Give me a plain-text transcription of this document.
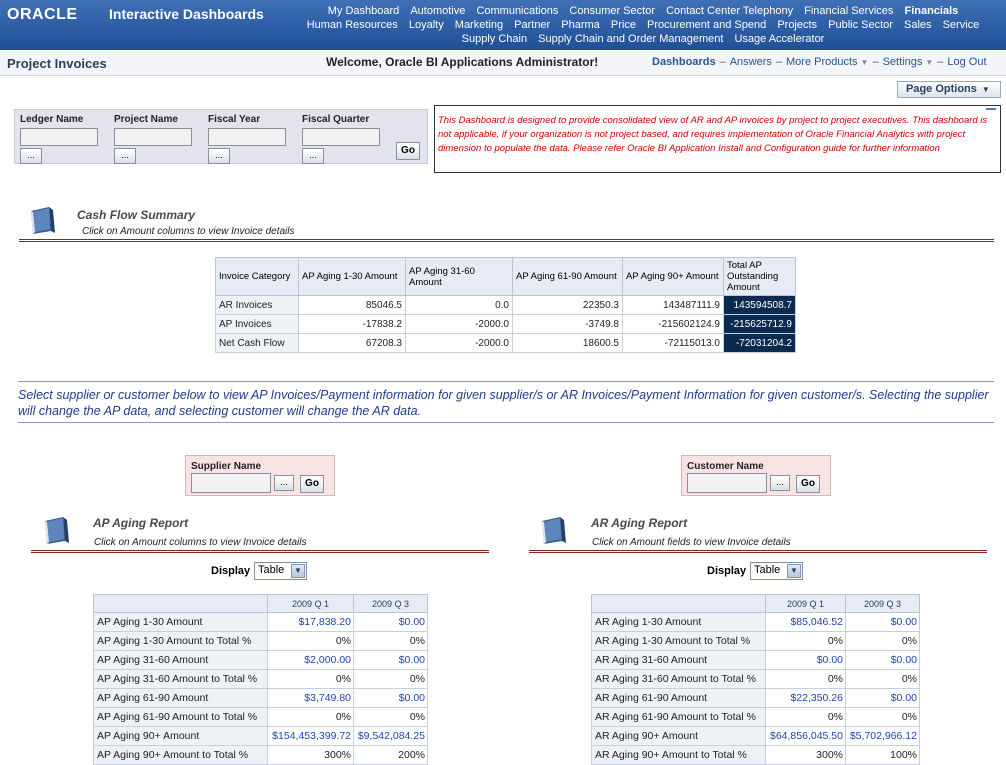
ORACLE Interactive Dashboards	My Dashboard Automotive Communications Consumer Sector Contact Center Telephony Financial Services Financials Human Resources Loyalty Marketing Partner Pharma Price Procurement and Spend Projects Public Sector Sales Service Supply Chain Supply Chain and Order Management Usage Accelerator
Project Invoices	Welcome, Oracle BI Applications Administrator!	Dashboards – Answers – More Products ▼ – Settings ▼ – Log Out
Page Options ▼
Ledger Name
...
Project Name
...
Fiscal Year
...
Fiscal Quarter
...	Go
This Dashboard is designed to provide consolidated view of AR and AP invoices by project to project executives. This dashboard is not applicable, if your organization is not project based, and requires implementation of Oracle Financial Analytics with project dimension to populate the data. Please refer Oracle BI Application Install and Configuration guide for further information
Cash Flow Summary
Click on Amount columns to view Invoice details
Invoice Category	AP Aging 1-30 Amount	AP Aging 31-60 Amount	AP Aging 61-90 Amount	AP Aging 90+ Amount	Total AP Outstanding Amount
AR Invoices	85046.5	0.0	22350.3	143487111.9	143594508.7
AP Invoices	-17838.2	-2000.0	-3749.8	-215602124.9	-215625712.9
Net Cash Flow	67208.3	-2000.0	18600.5	-72115013.0	-72031204.2
Select supplier or customer below to view AP Invoices/Payment information for given supplier/s or AR Invoices/Payment Information for given customer/s. Selecting the supplier will change the AP data, and selecting customer will change the AR data.
Supplier Name
...	Go
Customer Name
...	Go
AP Aging Report
Click on Amount columns to view Invoice details
Display Table	▼
	2009 Q 1	2009 Q 3
AP Aging 1-30 Amount	$17,838.20	$0.00
AP Aging 1-30 Amount to Total %	0%	0%
AP Aging 31-60 Amount	$2,000.00	$0.00
AP Aging 31-60 Amount to Total %	0%	0%
AP Aging 61-90 Amount	$3,749.80	$0.00
AP Aging 61-90 Amount to Total %	0%	0%
AP Aging 90+ Amount	$154,453,399.72	$9,542,084.25
AP Aging 90+ Amount to Total %	300%	200%
AR Aging Report
Click on Amount fields to view Invoice details
Display Table	▼
	2009 Q 1	2009 Q 3
AR Aging 1-30 Amount	$85,046.52	$0.00
AR Aging 1-30 Amount to Total %	0%	0%
AR Aging 31-60 Amount	$0.00	$0.00
AR Aging 31-60 Amount to Total %	0%	0%
AR Aging 61-90 Amount	$22,350.26	$0.00
AR Aging 61-90 Amount to Total %	0%	0%
AR Aging 90+ Amount	$64,856,045.50	$5,702,966.12
AR Aging 90+ Amount to Total %	300%	100%
